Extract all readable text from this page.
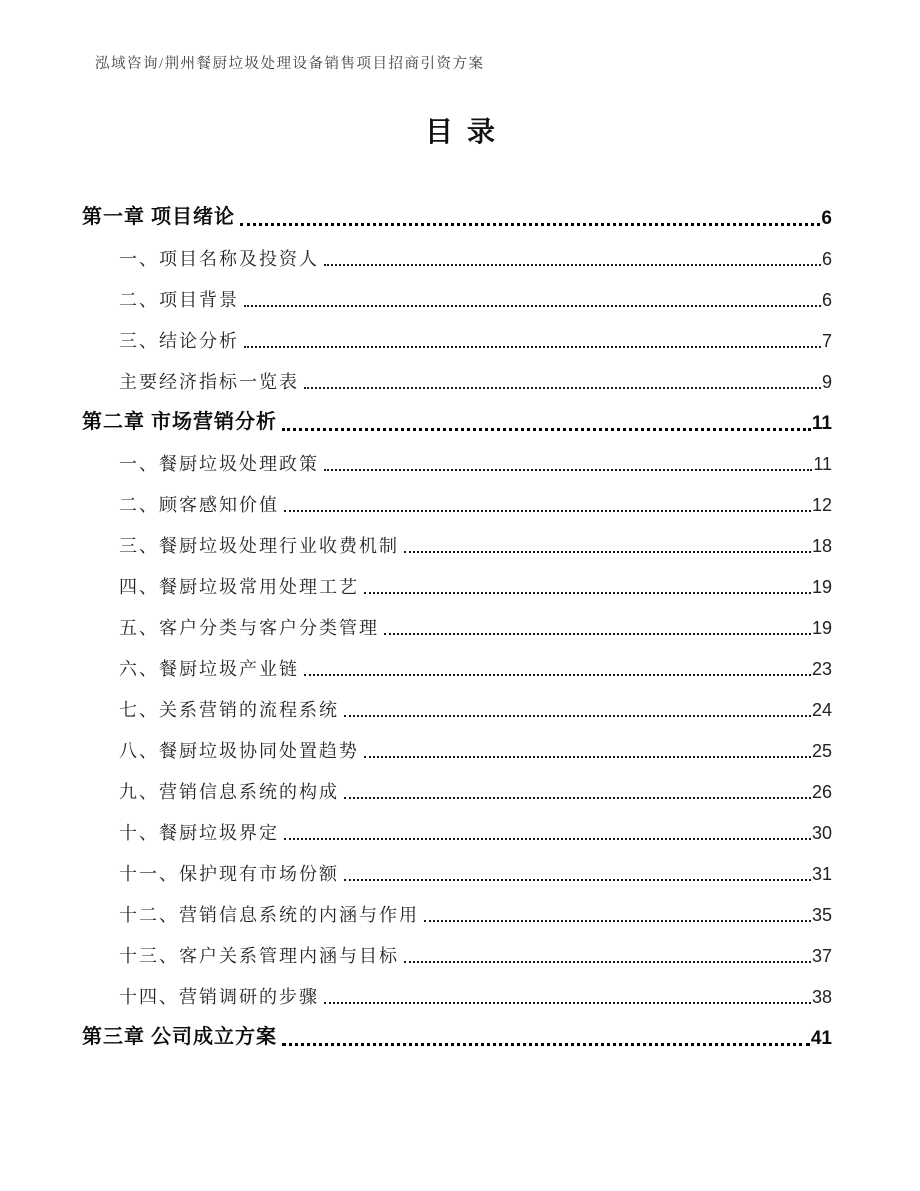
泓域咨询/荆州餐厨垃圾处理设备销售项目招商引资方案
目录
第一章 项目绪论	6
一、项目名称及投资人	6
二、项目背景	6
三、结论分析	7
主要经济指标一览表	9
第二章 市场营销分析	11
一、餐厨垃圾处理政策	11
二、顾客感知价值	12
三、餐厨垃圾处理行业收费机制	18
四、餐厨垃圾常用处理工艺	19
五、客户分类与客户分类管理	19
六、餐厨垃圾产业链	23
七、关系营销的流程系统	24
八、餐厨垃圾协同处置趋势	25
九、营销信息系统的构成	26
十、餐厨垃圾界定	30
十一、保护现有市场份额	31
十二、营销信息系统的内涵与作用	35
十三、客户关系管理内涵与目标	37
十四、营销调研的步骤	38
第三章 公司成立方案	41
